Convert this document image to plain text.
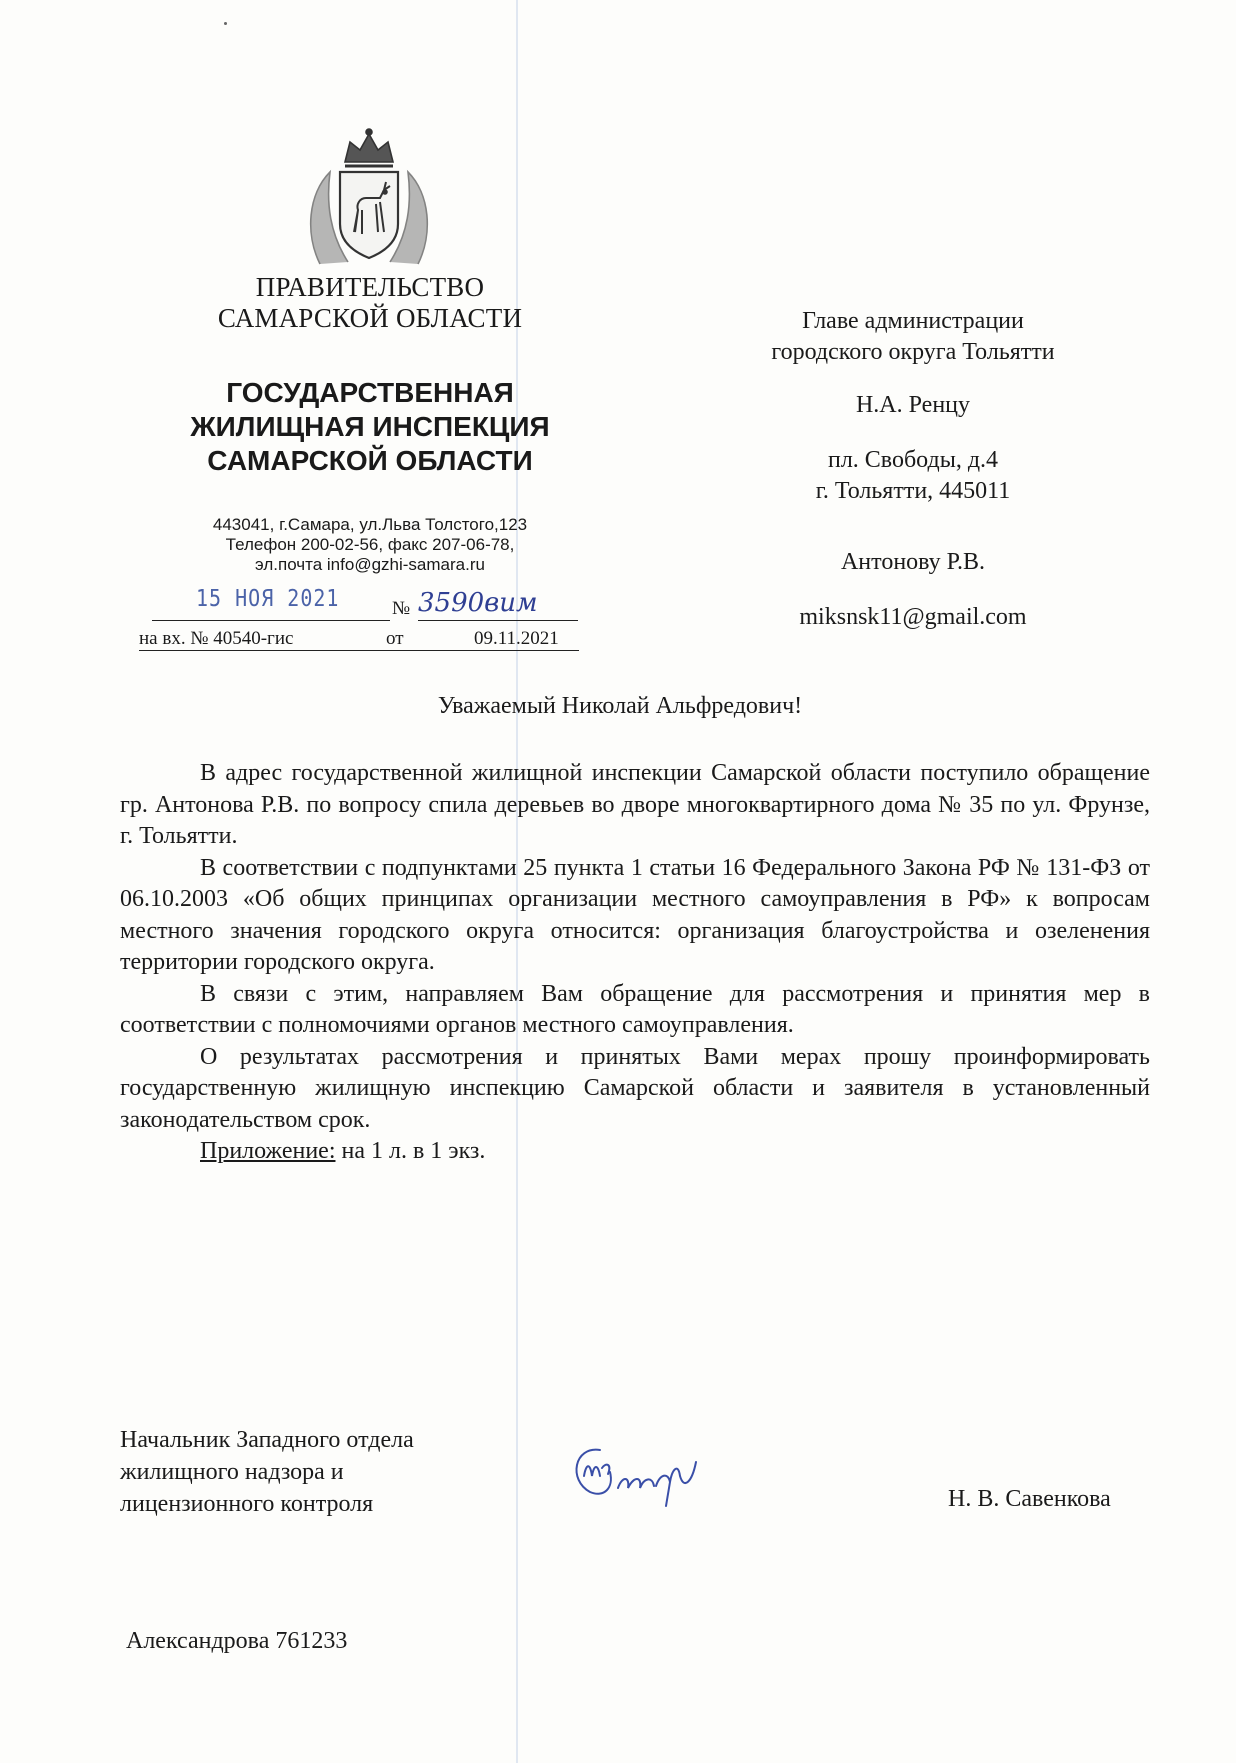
ПРАВИТЕЛЬСТВО
САМАРСКОЙ ОБЛАСТИ
ГОСУДАРСТВЕННАЯ
ЖИЛИЩНАЯ ИНСПЕКЦИЯ
САМАРСКОЙ ОБЛАСТИ
443041, г.Самара, ул.Льва Толстого,123
Телефон 200-02-56, факс 207-06-78,
эл.почта info@gzhi-samara.ru
15 НОЯ 2021	№ 3590вим
на вх. № 40540-гис	от	09.11.2021
Главе администрации
городского округа Тольятти
Н.А. Ренцу
пл. Свободы, д.4
г. Тольятти, 445011
Антонову Р.В.
miksnsk11@gmail.com
Уважаемый Николай Альфредович!

В адрес государственной жилищной инспекции Самарской области поступило обращение гр. Антонова Р.В. по вопросу спила деревьев во дворе многоквартирного дома № 35 по ул. Фрунзе, г. Тольятти.

В соответствии с подпунктами 25 пункта 1 статьи 16 Федерального Закона РФ № 131-ФЗ от 06.10.2003 «Об общих принципах организации местного самоуправления в РФ» к вопросам местного значения городского округа относится: организация благоустройства и озеленения территории городского округа.

В связи с этим, направляем Вам обращение для рассмотрения и принятия мер в соответствии с полномочиями органов местного самоуправления.

О результатах рассмотрения и принятых Вами мерах прошу проинформировать государственную жилищную инспекцию Самарской области и заявителя в установленный законодательством срок.

Приложение: на 1 л. в 1 экз.
Начальник Западного отдела
жилищного надзора и
лицензионного контроля	Н. В. Савенкова
Александрова 761233
